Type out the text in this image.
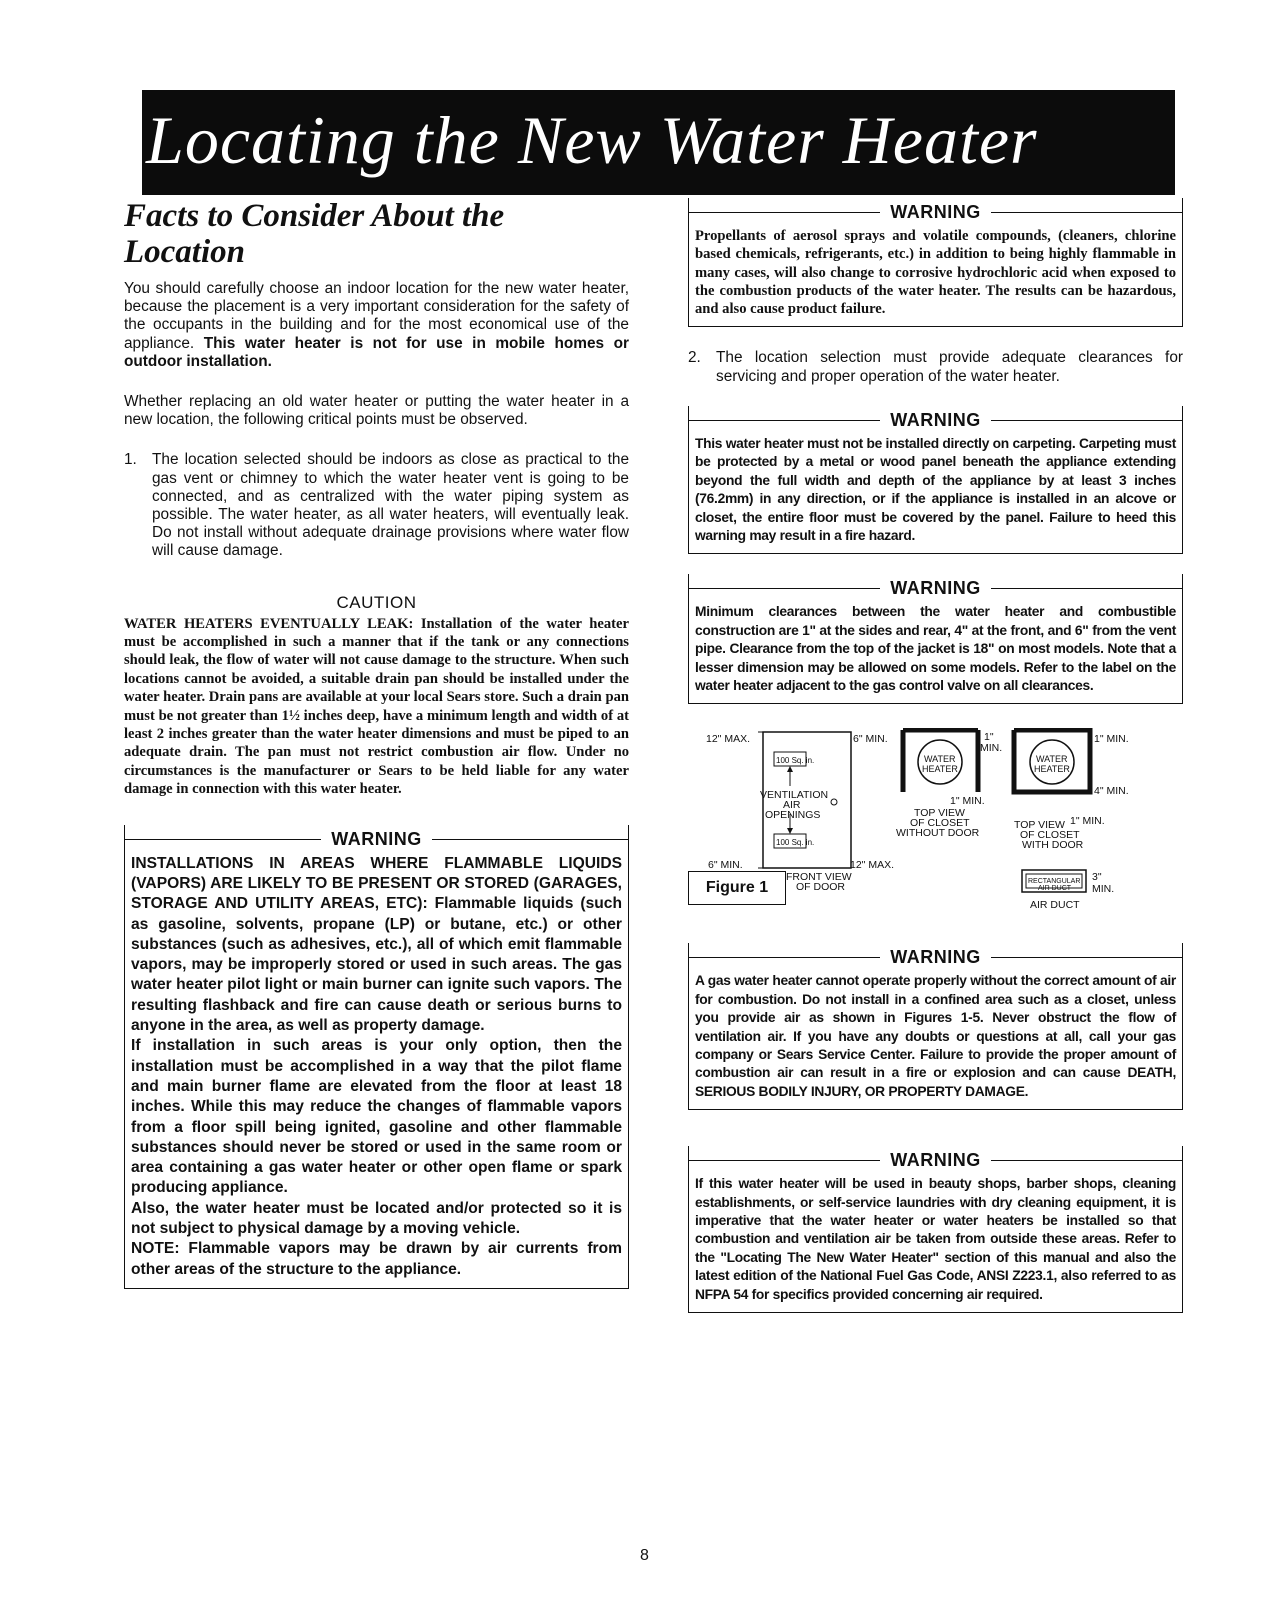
Locating the New Water Heater
Facts to Consider About the Location

You should carefully choose an indoor location for the new water heater, because the placement is a very important consideration for the safety of the occupants in the building and for the most economical use of the appliance. This water heater is not for use in mobile homes or outdoor installation.

Whether replacing an old water heater or putting the water heater in a new location, the following critical points must be observed.

1. The location selected should be indoors as close as practical to the gas vent or chimney to which the water heater vent is going to be connected, and as centralized with the water piping system as possible. The water heater, as all water heaters, will eventually leak. Do not install without adequate drainage provisions where water flow will cause damage.
CAUTION

WATER HEATERS EVENTUALLY LEAK: Installation of the water heater must be accomplished in such a manner that if the tank or any connections should leak, the flow of water will not cause damage to the structure. When such locations cannot be avoided, a suitable drain pan should be installed under the water heater. Drain pans are available at your local Sears store. Such a drain pan must be not greater than 1½ inches deep, have a minimum length and width of at least 2 inches greater than the water heater dimensions and must be piped to an adequate drain. The pan must not restrict combustion air flow. Under no circumstances is the manufacturer or Sears to be held liable for any water damage in connection with this water heater.

WARNING

INSTALLATIONS IN AREAS WHERE FLAMMABLE LIQUIDS (VAPORS) ARE LIKELY TO BE PRESENT OR STORED (GARAGES, STORAGE AND UTILITY AREAS, ETC): Flammable liquids (such as gasoline, solvents, propane (LP) or butane, etc.) or other substances (such as adhesives, etc.), all of which emit flammable vapors, may be improperly stored or used in such areas. The gas water heater pilot light or main burner can ignite such vapors. The resulting flashback and fire can cause death or serious burns to anyone in the area, as well as property damage.

If installation in such areas is your only option, then the installation must be accomplished in a way that the pilot flame and main burner flame are elevated from the floor at least 18 inches. While this may reduce the changes of flammable vapors from a floor spill being ignited, gasoline and other flammable substances should never be stored or used in the same room or area containing a gas water heater or other open flame or spark producing appliance.

Also, the water heater must be located and/or protected so it is not subject to physical damage by a moving vehicle.

NOTE: Flammable vapors may be drawn by air currents from other areas of the structure to the appliance.

WARNING

Propellants of aerosol sprays and volatile compounds, (cleaners, chlorine based chemicals, refrigerants, etc.) in addition to being highly flammable in many cases, will also change to corrosive hydrochloric acid when exposed to the combustion products of the water heater. The results can be hazardous, and also cause product failure.

2. The location selection must provide adequate clearances for servicing and proper operation of the water heater.
WARNING

This water heater must not be installed directly on carpeting. Carpeting must be protected by a metal or wood panel beneath the appliance extending beyond the full width and depth of the appliance by at least 3 inches (76.2mm) in any direction, or if the appliance is installed in an alcove or closet, the entire floor must be covered by the panel. Failure to heed this warning may result in a fire hazard.

WARNING

Minimum clearances between the water heater and combustible construction are 1" at the sides and rear, 4" at the front, and 6" from the vent pipe. Clearance from the top of the jacket is 18" on most models. Note that a lesser dimension may be allowed on some models. Refer to the label on the water heater adjacent to the gas control valve on all clearances.

12" MAX.	6" MIN.
100 Sq. in.
VENTILATION
AIR
OPENINGS
100 Sq. in.
6" MIN.	12" MAX.
FRONT VIEW
OF DOOR
WATER
HEATER
WATER
HEATER
1"
MIN.
1" MIN.
1" MIN.
4" MIN.
TOP VIEW
OF CLOSET
WITHOUT DOOR
TOP VIEW
OF CLOSET
WITH DOOR
1" MIN.
RECTANGULAR
AIR DUCT
3"
MIN.
AIR DUCT
Figure 1
WARNING

A gas water heater cannot operate properly without the correct amount of air for combustion. Do not install in a confined area such as a closet, unless you provide air as shown in Figures 1-5. Never obstruct the flow of ventilation air. If you have any doubts or questions at all, call your gas company or Sears Service Center. Failure to provide the proper amount of combustion air can result in a fire or explosion and can cause DEATH, SERIOUS BODILY INJURY, OR PROPERTY DAMAGE.

WARNING

If this water heater will be used in beauty shops, barber shops, cleaning establishments, or self-service laundries with dry cleaning equipment, it is imperative that the water heater or water heaters be installed so that combustion and ventilation air be taken from outside these areas. Refer to the "Locating The New Water Heater" section of this manual and also the latest edition of the National Fuel Gas Code, ANSI Z223.1, also referred to as NFPA 54 for specifics provided concerning air required.

8
